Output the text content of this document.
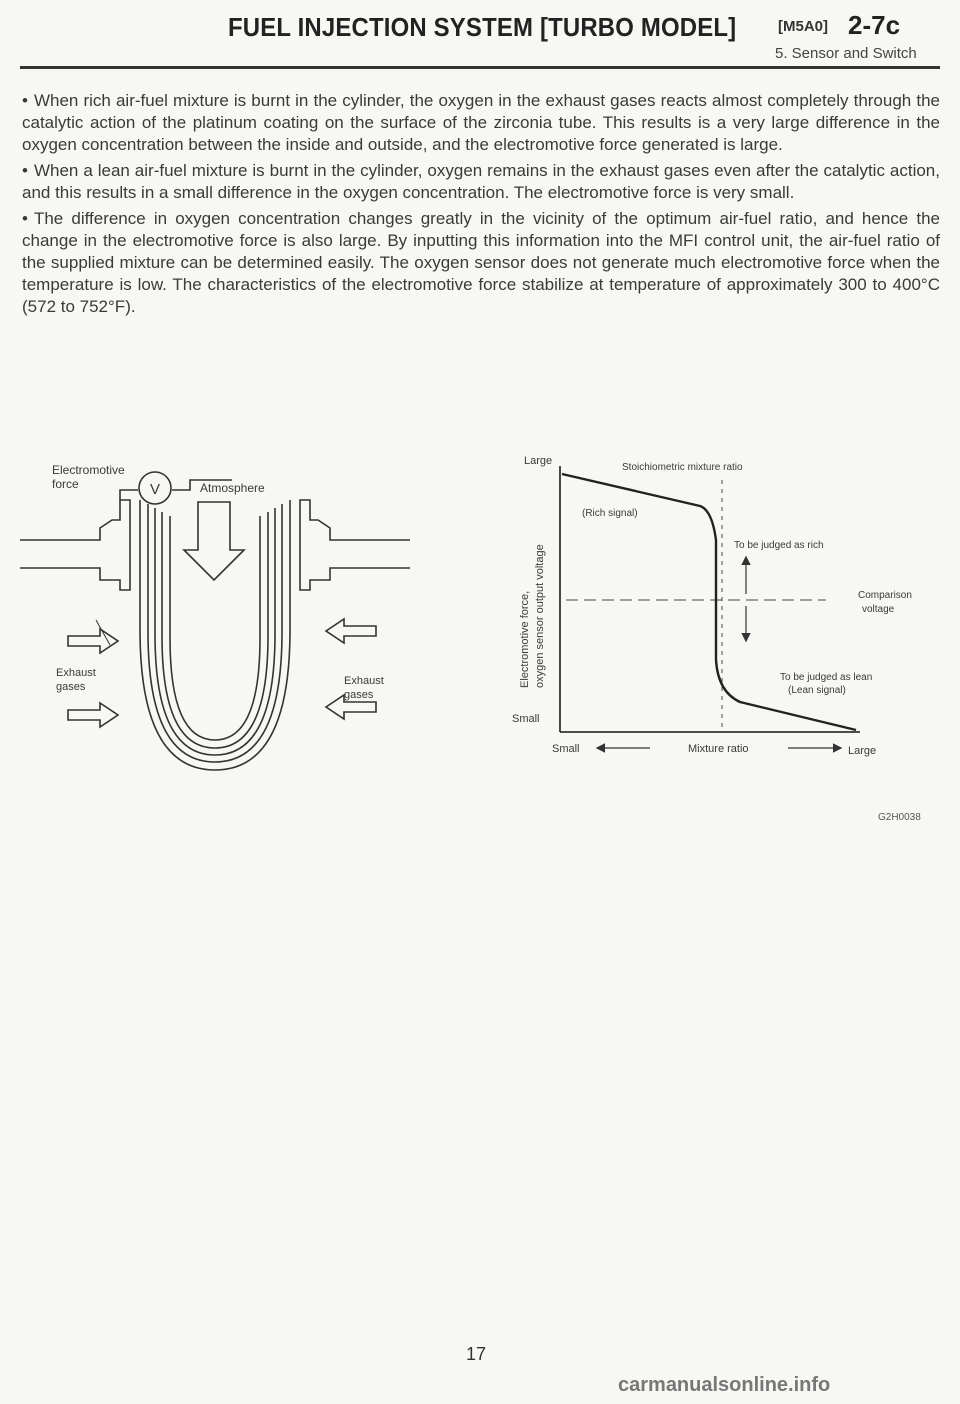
FUEL INJECTION SYSTEM [TURBO MODEL]	[M5A0] 2-7c
5. Sensor and Switch

• When rich air-fuel mixture is burnt in the cylinder, the oxygen in the exhaust gases reacts almost completely through the catalytic action of the platinum coating on the surface of the zirconia tube. This results is a very large difference in the oxygen concentration between the inside and outside, and the electromotive force generated is large.

• When a lean air-fuel mixture is burnt in the cylinder, oxygen remains in the exhaust gases even after the catalytic action, and this results in a small difference in the oxygen concentration. The electromotive force is very small.

• The difference in oxygen concentration changes greatly in the vicinity of the optimum air-fuel ratio, and hence the change in the electromotive force is also large. By inputting this information into the MFI control unit, the air-fuel ratio of the supplied mixture can be determined easily. The oxygen sensor does not generate much electromotive force when the temperature is low. The characteristics of the electromotive force stabilize at temperature of approximately 300 to 400°C (572 to 752°F).

V
Electromotive
force	Atmosphere
Exhaust
gases	Exhaust
gases
Large
Small
Electromotive force, oxygen sensor output voltage
Stoichiometric mixture ratio
(Rich signal)
To be judged as rich
Comparison
voltage
To be judged as lean
(Lean signal)
Small	Mixture ratio	Large
G2H0038
17
carmanualsonline.info
